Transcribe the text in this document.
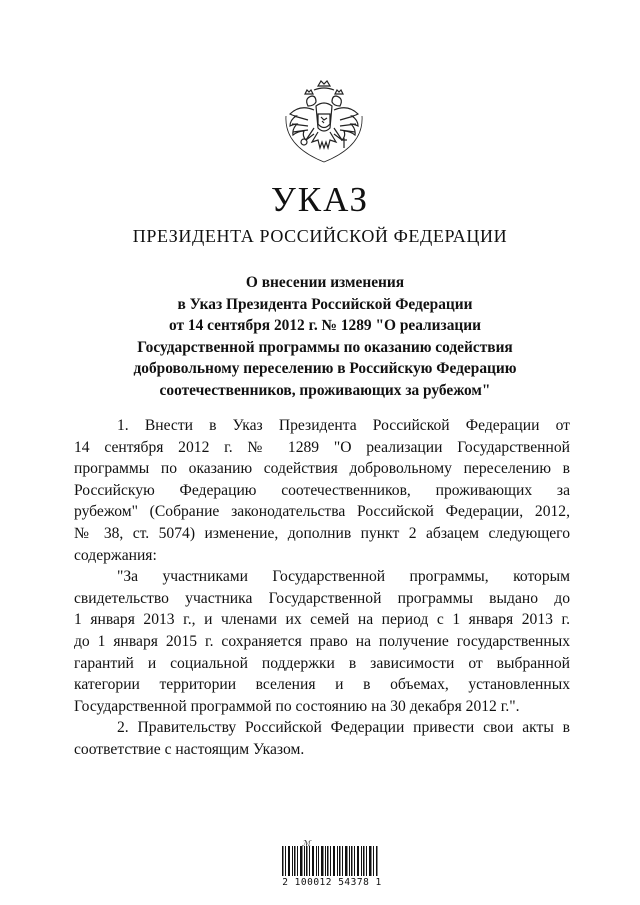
УКАЗ
ПРЕЗИДЕНТА РОССИЙСКОЙ ФЕДЕРАЦИИ
О внесении изменения
в Указ Президента Российской Федерации
от 14 сентября 2012 г. № 1289 "О реализации
Государственной программы по оказанию содействия
добровольному переселению в Российскую Федерацию
соотечественников, проживающих за рубежом"
1. Внести в Указ Президента Российской Федерации от
14 сентября 2012 г. № 1289 "О реализации Государственной
программы по оказанию содействия добровольному переселению в
Российскую Федерацию соотечественников, проживающих за
рубежом" (Собрание законодательства Российской Федерации, 2012,
№ 38, ст. 5074) изменение, дополнив пункт 2 абзацем следующего
содержания:
"За участниками Государственной программы, которым
свидетельство участника Государственной программы выдано до
1 января 2013 г., и членами их семей на период с 1 января 2013 г.
до 1 января 2015 г. сохраняется право на получение государственных
гарантий и социальной поддержки в зависимости от выбранной
категории территории вселения и в объемах, установленных
Государственной программой по состоянию на 30 декабря 2012 г.".
2. Правительству Российской Федерации привести свои акты в
соответствие с настоящим Указом.
ℳ
2 100012 54378 1
